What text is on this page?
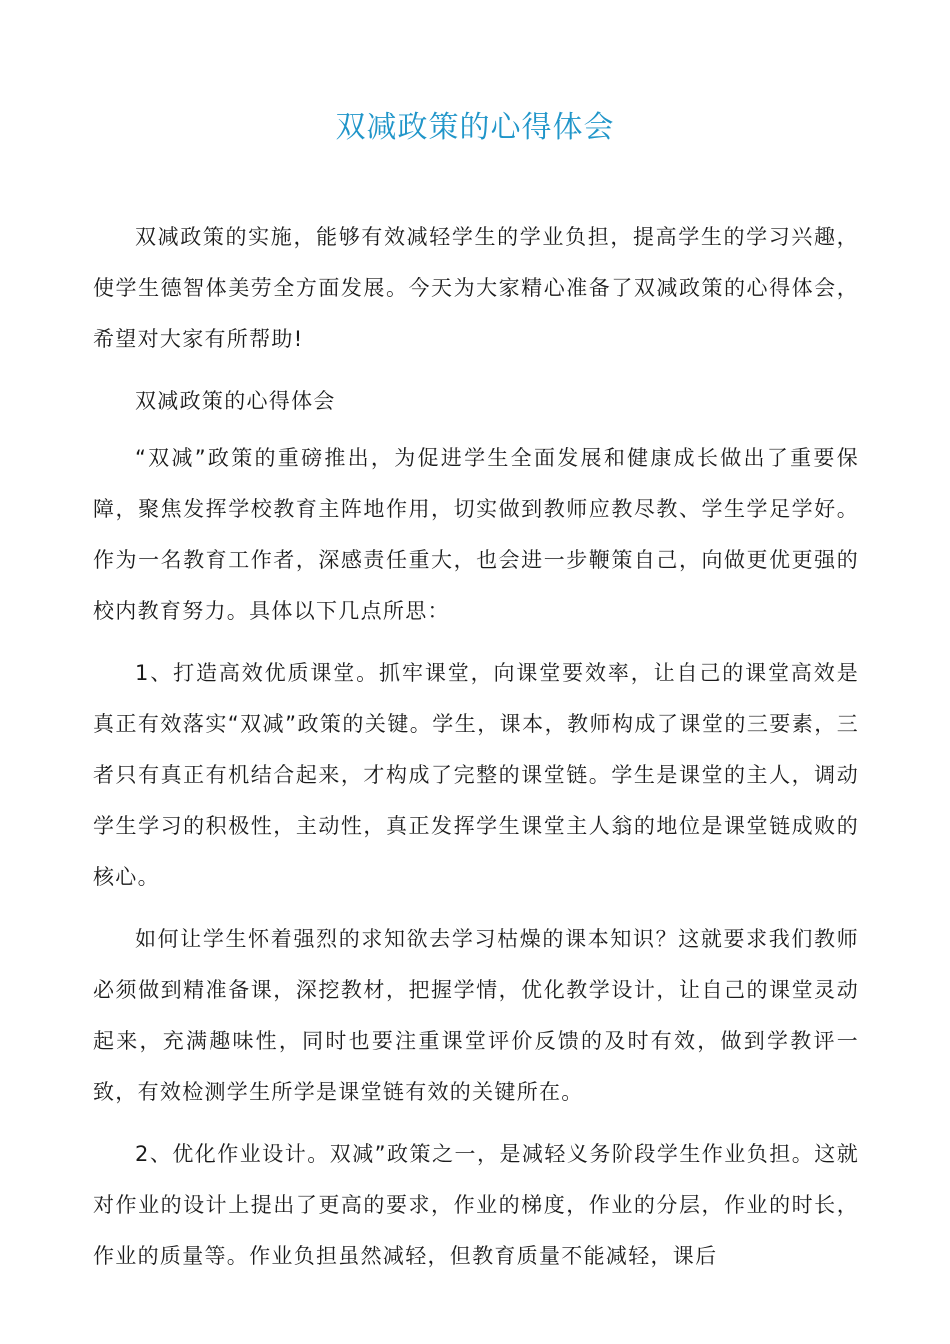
双减政策的心得体会

双减政策的实施，能够有效减轻学生的学业负担，提高学生的学习兴趣，使学生德智体美劳全方面发展。今天为大家精心准备了双减政策的心得体会，希望对大家有所帮助!

双减政策的心得体会

“双减”政策的重磅推出，为促进学生全面发展和健康成长做出了重要保障，聚焦发挥学校教育主阵地作用，切实做到教师应教尽教、学生学足学好。作为一名教育工作者，深感责任重大，也会进一步鞭策自己，向做更优更强的校内教育努力。具体以下几点所思：

1、打造高效优质课堂。抓牢课堂，向课堂要效率，让自己的课堂高效是真正有效落实“双减”政策的关键。学生，课本，教师构成了课堂的三要素，三者只有真正有机结合起来，才构成了完整的课堂链。学生是课堂的主人，调动学生学习的积极性，主动性，真正发挥学生课堂主人翁的地位是课堂链成败的核心。

如何让学生怀着强烈的求知欲去学习枯燥的课本知识？这就要求我们教师必须做到精准备课，深挖教材，把握学情，优化教学设计，让自己的课堂灵动起来，充满趣味性，同时也要注重课堂评价反馈的及时有效，做到学教评一致，有效检测学生所学是课堂链有效的关键所在。

2、优化作业设计。双减”政策之一，是减轻义务阶段学生作业负担。这就对作业的设计上提出了更高的要求，作业的梯度，作业的分层，作业的时长，作业的质量等。作业负担虽然减轻，但教育质量不能减轻，课后
